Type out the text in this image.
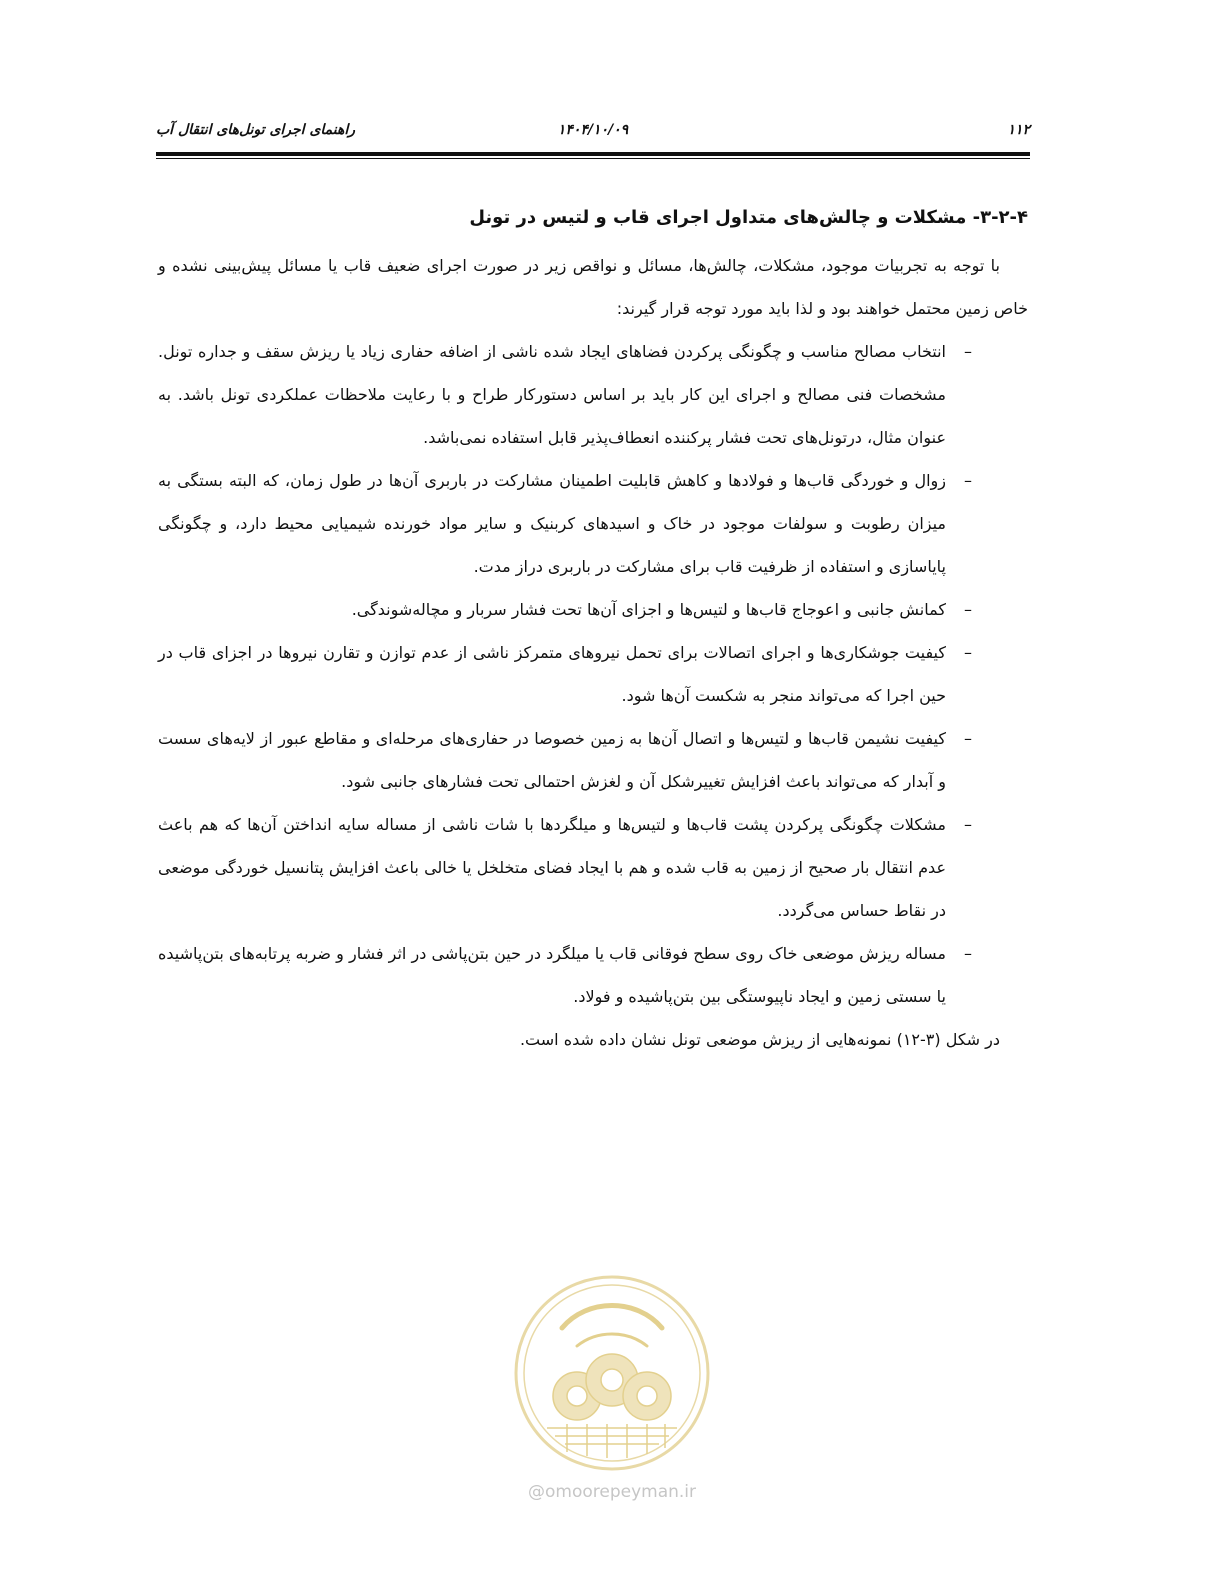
۱۱۲
۱۴۰۴/۱۰/۰۹
راهنمای اجرای تونل‌های انتقال آب
۳-۲-۴- مشکلات و چالش‌های متداول اجرای قاب و لتیس در تونل

با توجه به تجربیات موجود، مشکلات، چالش‌ها، مسائل و نواقص زیر در صورت اجرای ضعیف قاب یا مسائل پیش‌بینی نشده و خاص زمین محتمل خواهند بود و لذا باید مورد توجه قرار گیرند:

–
انتخاب مصالح مناسب و چگونگی پرکردن فضاهای ایجاد شده ناشی از اضافه حفاری زیاد یا ریزش سقف و جداره تونل. مشخصات فنی مصالح و اجرای این کار باید بر اساس دستورکار طراح و با رعایت ملاحظات عملکردی تونل باشد. به عنوان مثال، درتونل‌های تحت فشار پرکننده انعطاف‌پذیر قابل استفاده نمی‌باشد.
–
زوال و خوردگی قاب‌ها و فولادها و کاهش قابلیت اطمینان مشارکت در باربری آن‌ها در طول زمان، که البته بستگی به میزان رطوبت و سولفات موجود در خاک و اسیدهای کربنیک و سایر مواد خورنده شیمیایی محیط دارد، و چگونگی پایاسازی و استفاده از ظرفیت قاب برای مشارکت در باربری دراز مدت.
–
کمانش جانبی و اعوجاج قاب‌ها و لتیس‌ها و اجزای آن‌ها تحت فشار سربار و مچاله‌شوندگی.
–
کیفیت جوشکاری‌ها و اجرای اتصالات برای تحمل نیروهای متمرکز ناشی از عدم توازن و تقارن نیروها در اجزای قاب در حین اجرا که می‌تواند منجر به شکست آن‌ها شود.
–
کیفیت نشیمن قاب‌ها و لتیس‌ها و اتصال آن‌ها به زمین خصوصا در حفاری‌های مرحله‌ای و مقاطع عبور از لایه‌های سست و آبدار که می‌تواند باعث افزایش تغییرشکل آن و لغزش احتمالی تحت فشارهای جانبی شود.
–
مشکلات چگونگی پرکردن پشت قاب‌ها و لتیس‌ها و میلگردها با شات ناشی از مساله سایه انداختن آن‌ها که هم باعث عدم انتقال بار صحیح از زمین به قاب شده و هم با ایجاد فضای متخلخل یا خالی باعث افزایش پتانسیل خوردگی موضعی در نقاط حساس می‌گردد.
–
مساله ریزش موضعی خاک روی سطح فوقانی قاب یا میلگرد در حین بتن‌پاشی در اثر فشار و ضربه پرتابه‌های بتن‌پاشیده یا سستی زمین و ایجاد ناپیوستگی بین بتن‌پاشیده و فولاد.

در شکل (۳-۱۲) نمونه‌هایی از ریزش موضعی تونل نشان داده شده است.

@omoorepeyman.ir
